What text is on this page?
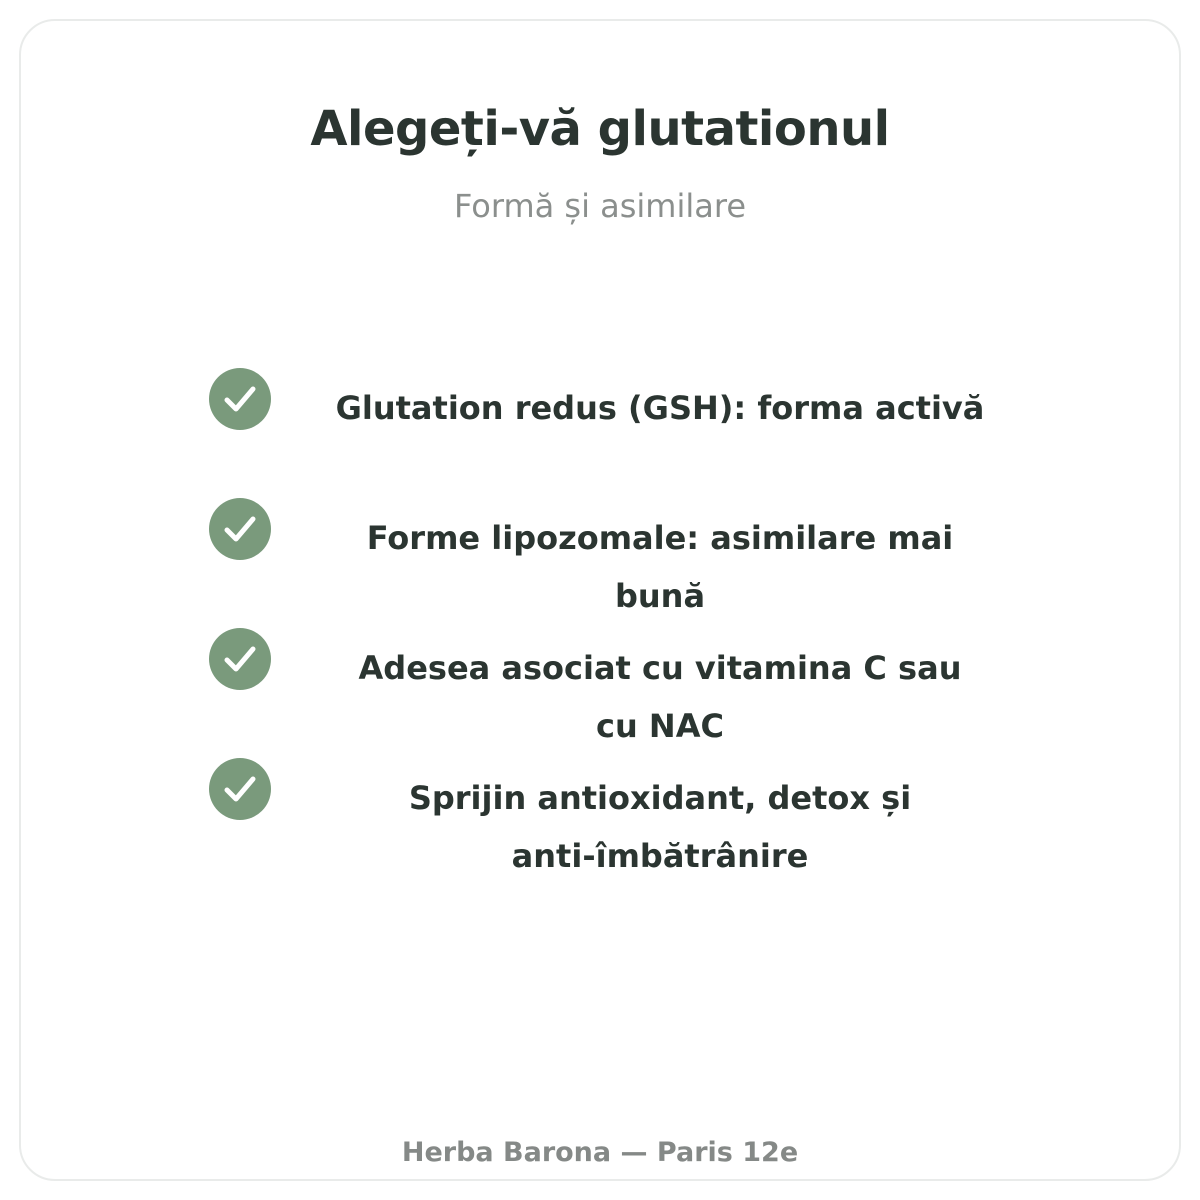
Alegeți-vă glutationul

Formă și asimilare

Glutation redus (GSH): forma activă

Forme lipozomale: asimilare mai bună

Adesea asociat cu vitamina C sau cu NAC

Sprijin antioxidant, detox și anti-îmbătrânire

Herba Barona — Paris 12e
